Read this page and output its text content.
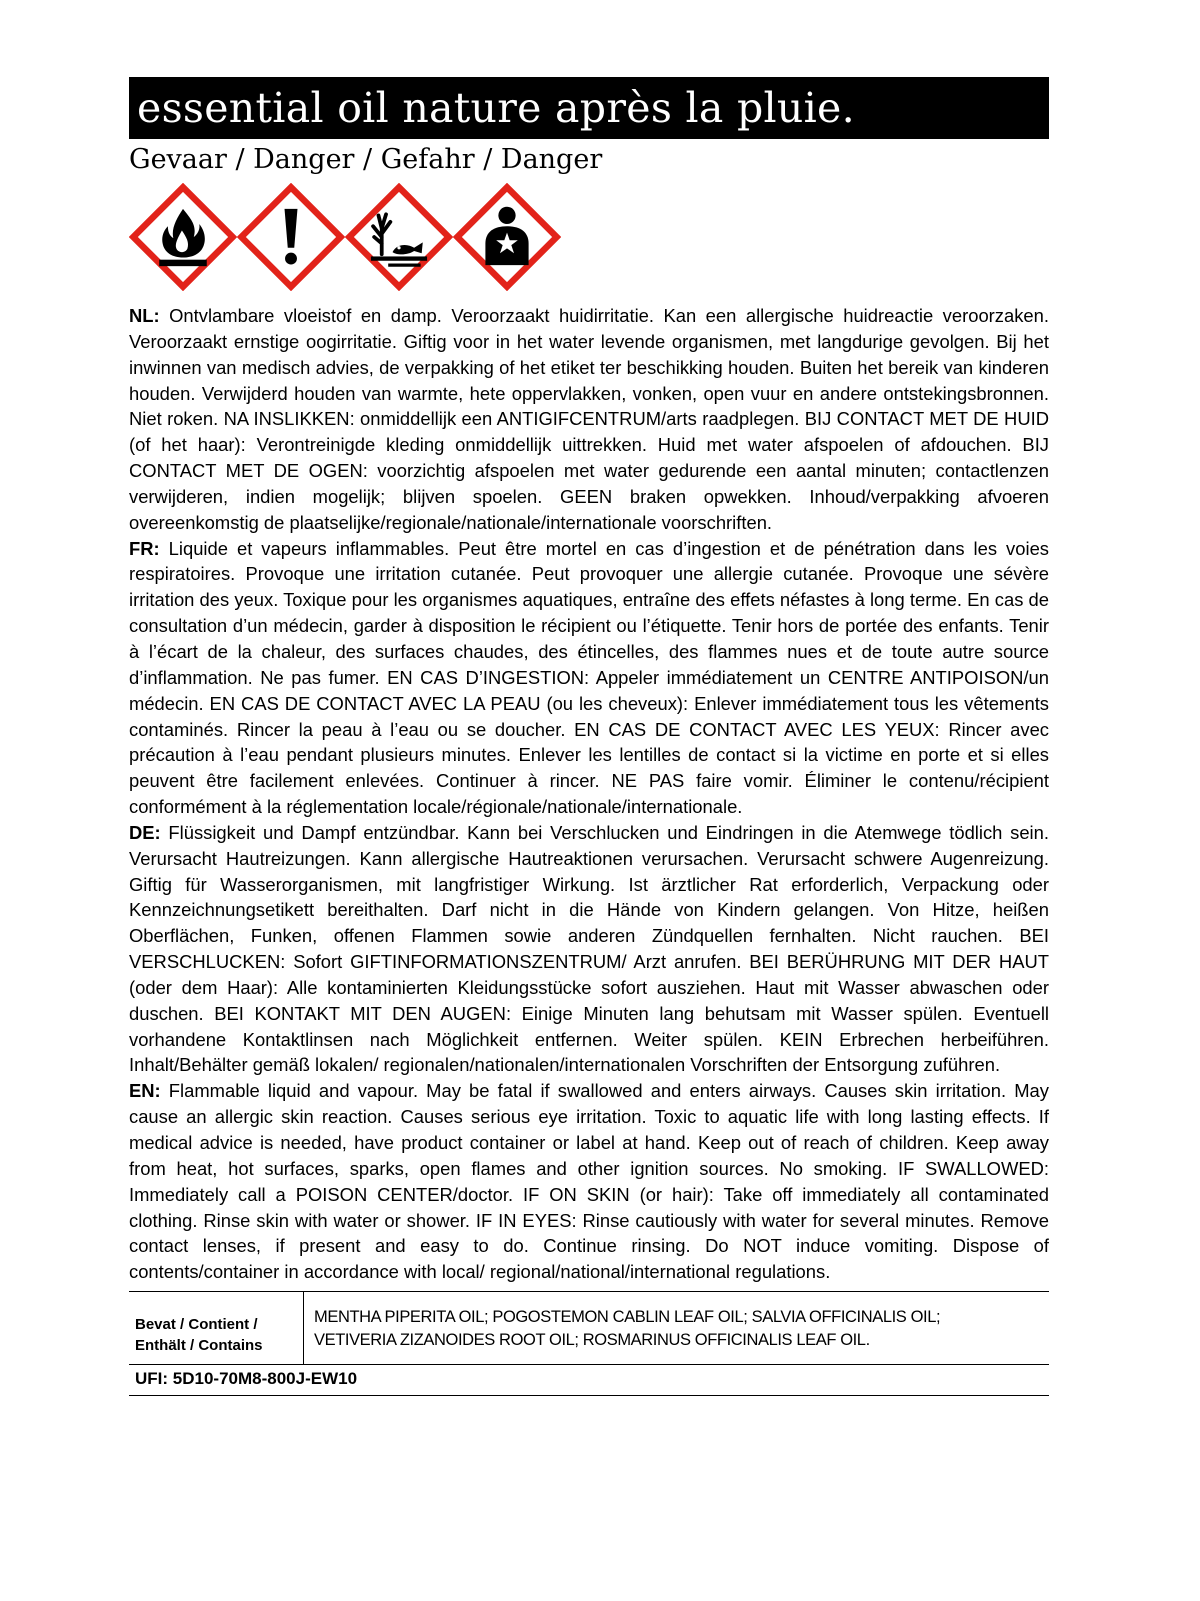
essential oil nature après la pluie.
Gevaar / Danger / Gefahr / Danger

NL: Ontvlambare vloeistof en damp. Veroorzaakt huidirritatie. Kan een allergische huidreactie veroorzaken. Veroorzaakt ernstige oogirritatie. Giftig voor in het water levende organismen, met langdurige gevolgen. Bij het inwinnen van medisch advies, de verpakking of het etiket ter beschikking houden. Buiten het bereik van kinderen houden. Verwijderd houden van warmte, hete oppervlakken, vonken, open vuur en andere ontstekingsbronnen. Niet roken. NA INSLIKKEN: onmiddellijk een ANTIGIFCENTRUM/arts raadplegen. BIJ CONTACT MET DE HUID (of het haar): Verontreinigde kleding onmiddellijk uittrekken. Huid met water afspoelen of afdouchen. BIJ CONTACT MET DE OGEN: voorzichtig afspoelen met water gedurende een aantal minuten; contactlenzen verwijderen, indien mogelijk; blijven spoelen. GEEN braken opwekken. Inhoud/verpakking afvoeren overeenkomstig de plaatselijke/regionale/nationale/internationale voorschriften.

FR: Liquide et vapeurs inflammables. Peut être mortel en cas d’ingestion et de pénétration dans les voies respiratoires. Provoque une irritation cutanée. Peut provoquer une allergie cutanée. Provoque une sévère irritation des yeux. Toxique pour les organismes aquatiques, entraîne des effets néfastes à long terme. En cas de consultation d’un médecin, garder à disposition le récipient ou l’étiquette. Tenir hors de portée des enfants. Tenir à l’écart de la chaleur, des surfaces chaudes, des étincelles, des flammes nues et de toute autre source d’inflammation. Ne pas fumer. EN CAS D’INGESTION: Appeler immédiatement un CENTRE ANTIPOISON/un médecin. EN CAS DE CONTACT AVEC LA PEAU (ou les cheveux): Enlever immédiatement tous les vêtements contaminés. Rincer la peau à l’eau ou se doucher. EN CAS DE CONTACT AVEC LES YEUX: Rincer avec précaution à l’eau pendant plusieurs minutes. Enlever les lentilles de contact si la victime en porte et si elles peuvent être facilement enlevées. Continuer à rincer. NE PAS faire vomir. Éliminer le contenu/récipient conformément à la réglementation locale/régionale/nationale/internationale.

DE: Flüssigkeit und Dampf entzündbar. Kann bei Verschlucken und Eindringen in die Atemwege tödlich sein. Verursacht Hautreizungen. Kann allergische Hautreaktionen verursachen. Verursacht schwere Augenreizung. Giftig für Wasserorganismen, mit langfristiger Wirkung. Ist ärztlicher Rat erforderlich, Verpackung oder Kennzeichnungsetikett bereithalten. Darf nicht in die Hände von Kindern gelangen. Von Hitze, heißen Oberflächen, Funken, offenen Flammen sowie anderen Zündquellen fernhalten. Nicht rauchen. BEI VERSCHLUCKEN: Sofort GIFTINFORMATIONSZENTRUM/ Arzt anrufen. BEI BERÜHRUNG MIT DER HAUT (oder dem Haar): Alle kontaminierten Kleidungsstücke sofort ausziehen. Haut mit Wasser abwaschen oder duschen. BEI KONTAKT MIT DEN AUGEN: Einige Minuten lang behutsam mit Wasser spülen. Eventuell vorhandene Kontaktlinsen nach Möglichkeit entfernen. Weiter spülen. KEIN Erbrechen herbeiführen. Inhalt/Behälter gemäß lokalen/ regionalen/nationalen/internationalen Vorschriften der Entsorgung zuführen.

EN: Flammable liquid and vapour. May be fatal if swallowed and enters airways. Causes skin irritation. May cause an allergic skin reaction. Causes serious eye irritation. Toxic to aquatic life with long lasting effects. If medical advice is needed, have product container or label at hand. Keep out of reach of children. Keep away from heat, hot surfaces, sparks, open flames and other ignition sources. No smoking. IF SWALLOWED: Immediately call a POISON CENTER/doctor. IF ON SKIN (or hair): Take off immediately all contaminated clothing. Rinse skin with water or shower. IF IN EYES: Rinse cautiously with water for several minutes. Remove contact lenses, if present and easy to do. Continue rinsing. Do NOT induce vomiting. Dispose of contents/container in accordance with local/ regional/national/international regulations.

Bevat / Contient /
Enthält / Contains
MENTHA PIPERITA OIL; POGOSTEMON CABLIN LEAF OIL; SALVIA OFFICINALIS OIL;
VETIVERIA ZIZANOIDES ROOT OIL; ROSMARINUS OFFICINALIS LEAF OIL.
UFI: 5D10-70M8-800J-EW10
